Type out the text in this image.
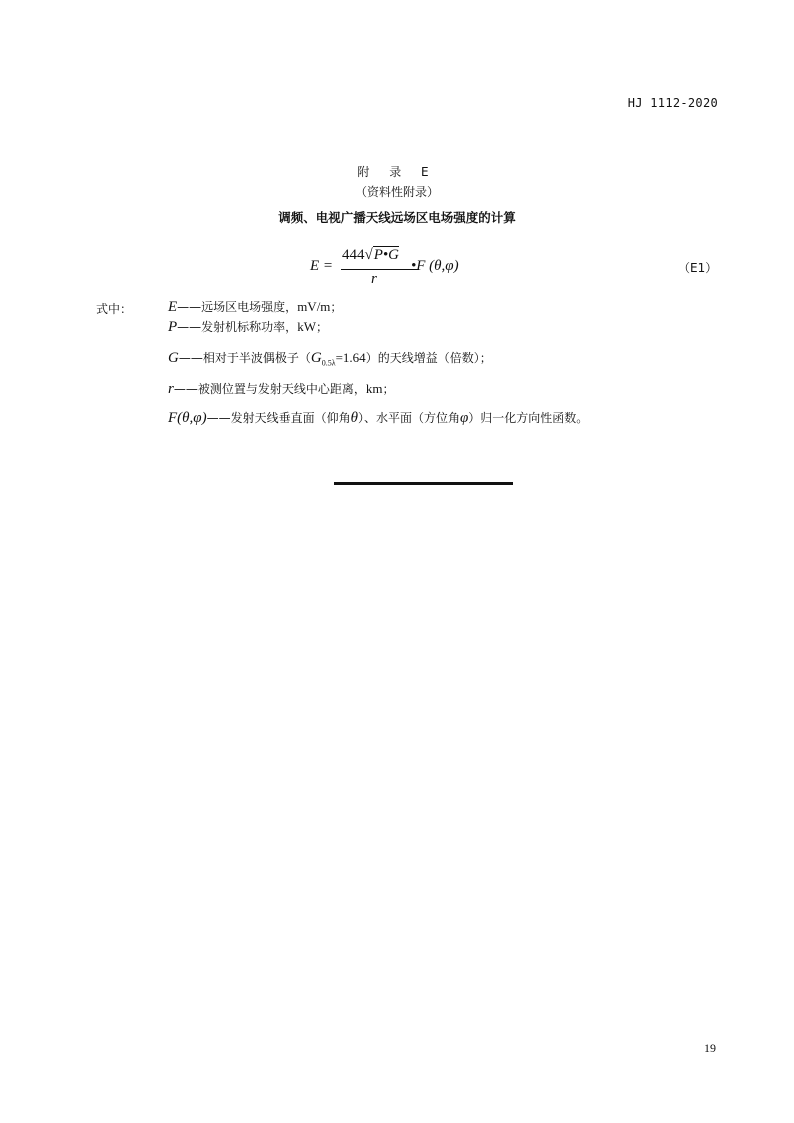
HJ 1112-2020
附 录 E
（资料性附录）
调频、电视广播天线远场区电场强度的计算
E =
444√P•G
r
•F (θ,φ)	（E1）
式中： E——远场区电场强度，mV/m；
P——发射机标称功率，kW；
G——相对于半波偶极子$(G_{0.5\lambda}=1.64)$的天线增益（倍数）；
r——被测位置与发射天线中心距离，km；
F(θ,φ)——发射天线垂直面（仰角θ）、水平面（方位角φ）归一化方向性函数。
19
